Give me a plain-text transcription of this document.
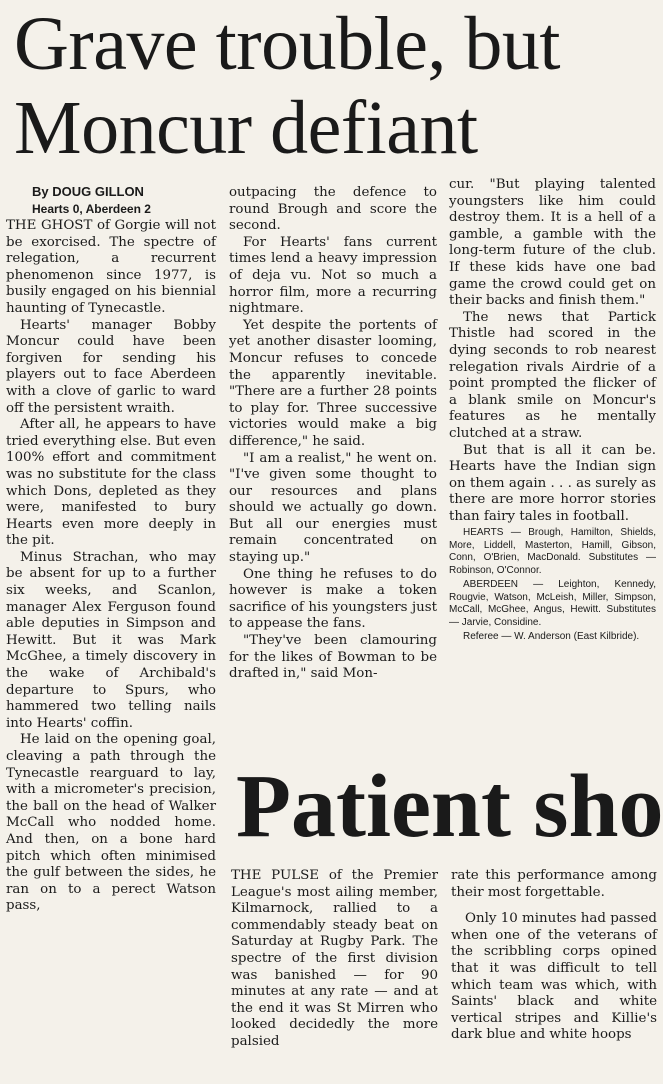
Grave trouble, but
Moncur defiant

By DOUG GILLON

Hearts 0, Aberdeen 2

THE GHOST of Gorgie will not be exorcised. The spectre of relegation, a recurrent phenomenon since 1977, is busily engaged on his biennial haunting of Tynecastle.

Hearts' manager Bobby Moncur could have been forgiven for sending his players out to face Aberdeen with a clove of garlic to ward off the persistent wraith.

After all, he appears to have tried everything else. But even 100% effort and commitment was no substitute for the class which Dons, depleted as they were, manifested to bury Hearts even more deeply in the pit.

Minus Strachan, who may be absent for up to a further six weeks, and Scanlon, manager Alex Ferguson found able deputies in Simpson and Hewitt. But it was Mark McGhee, a timely discovery in the wake of Archibald's departure to Spurs, who hammered two telling nails into Hearts' coffin.

He laid on the opening goal, cleaving a path through the Tynecastle rearguard to lay, with a micrometer's precision, the ball on the head of Walker McCall who nodded home. And then, on a bone hard pitch which often minimised the gulf between the sides, he ran on to a perect Watson pass,

outpacing the defence to round Brough and score the second.

For Hearts' fans current times lend a heavy impression of deja vu. Not so much a horror film, more a recurring nightmare.

Yet despite the portents of yet another disaster looming, Moncur refuses to concede the apparently inevitable. "There are a further 28 points to play for. Three successive victories would make a big difference," he said.

"I am a realist," he went on. "I've given some thought to our resources and plans should we actually go down. But all our energies must remain concentrated on staying up."

One thing he refuses to do however is make a token sacrifice of his youngsters just to appease the fans.

"They've been clamouring for the likes of Bowman to be drafted in," said Mon-

cur. "But playing talented youngsters like him could destroy them. It is a hell of a gamble, a gamble with the long-term future of the club. If these kids have one bad game the crowd could get on their backs and finish them."

The news that Partick Thistle had scored in the dying seconds to rob nearest relegation rivals Airdrie of a point prompted the flicker of a blank smile on Moncur's features as he mentally clutched at a straw.

But that is all it can be. Hearts have the Indian sign on them again . . . as surely as there are more horror stories than fairy tales in football.

HEARTS — Brough, Hamilton, Shields, More, Liddell, Masterton, Hamill, Gibson, Conn, O'Brien, MacDonald. Substitutes — Robinson, O'Connor.

ABERDEEN — Leighton, Kennedy, Rougvie, Watson, McLeish, Miller, Simpson, McCall, McGhee, Angus, Hewitt. Substitutes — Jarvie, Considine.

Referee — W. Anderson (East Kilbride).

Patient sho

THE PULSE of the Premier League's most ailing member, Kilmarnock, rallied to a commendably steady beat on Saturday at Rugby Park. The spectre of the first division was banished — for 90 minutes at any rate — and at the end it was St Mirren who looked decidedly the more palsied

rate this performance among their most forgettable.

Only 10 minutes had passed when one of the veterans of the scribbling corps opined that it was difficult to tell which team was which, with Saints' black and white vertical stripes and Killie's dark blue and white hoops
